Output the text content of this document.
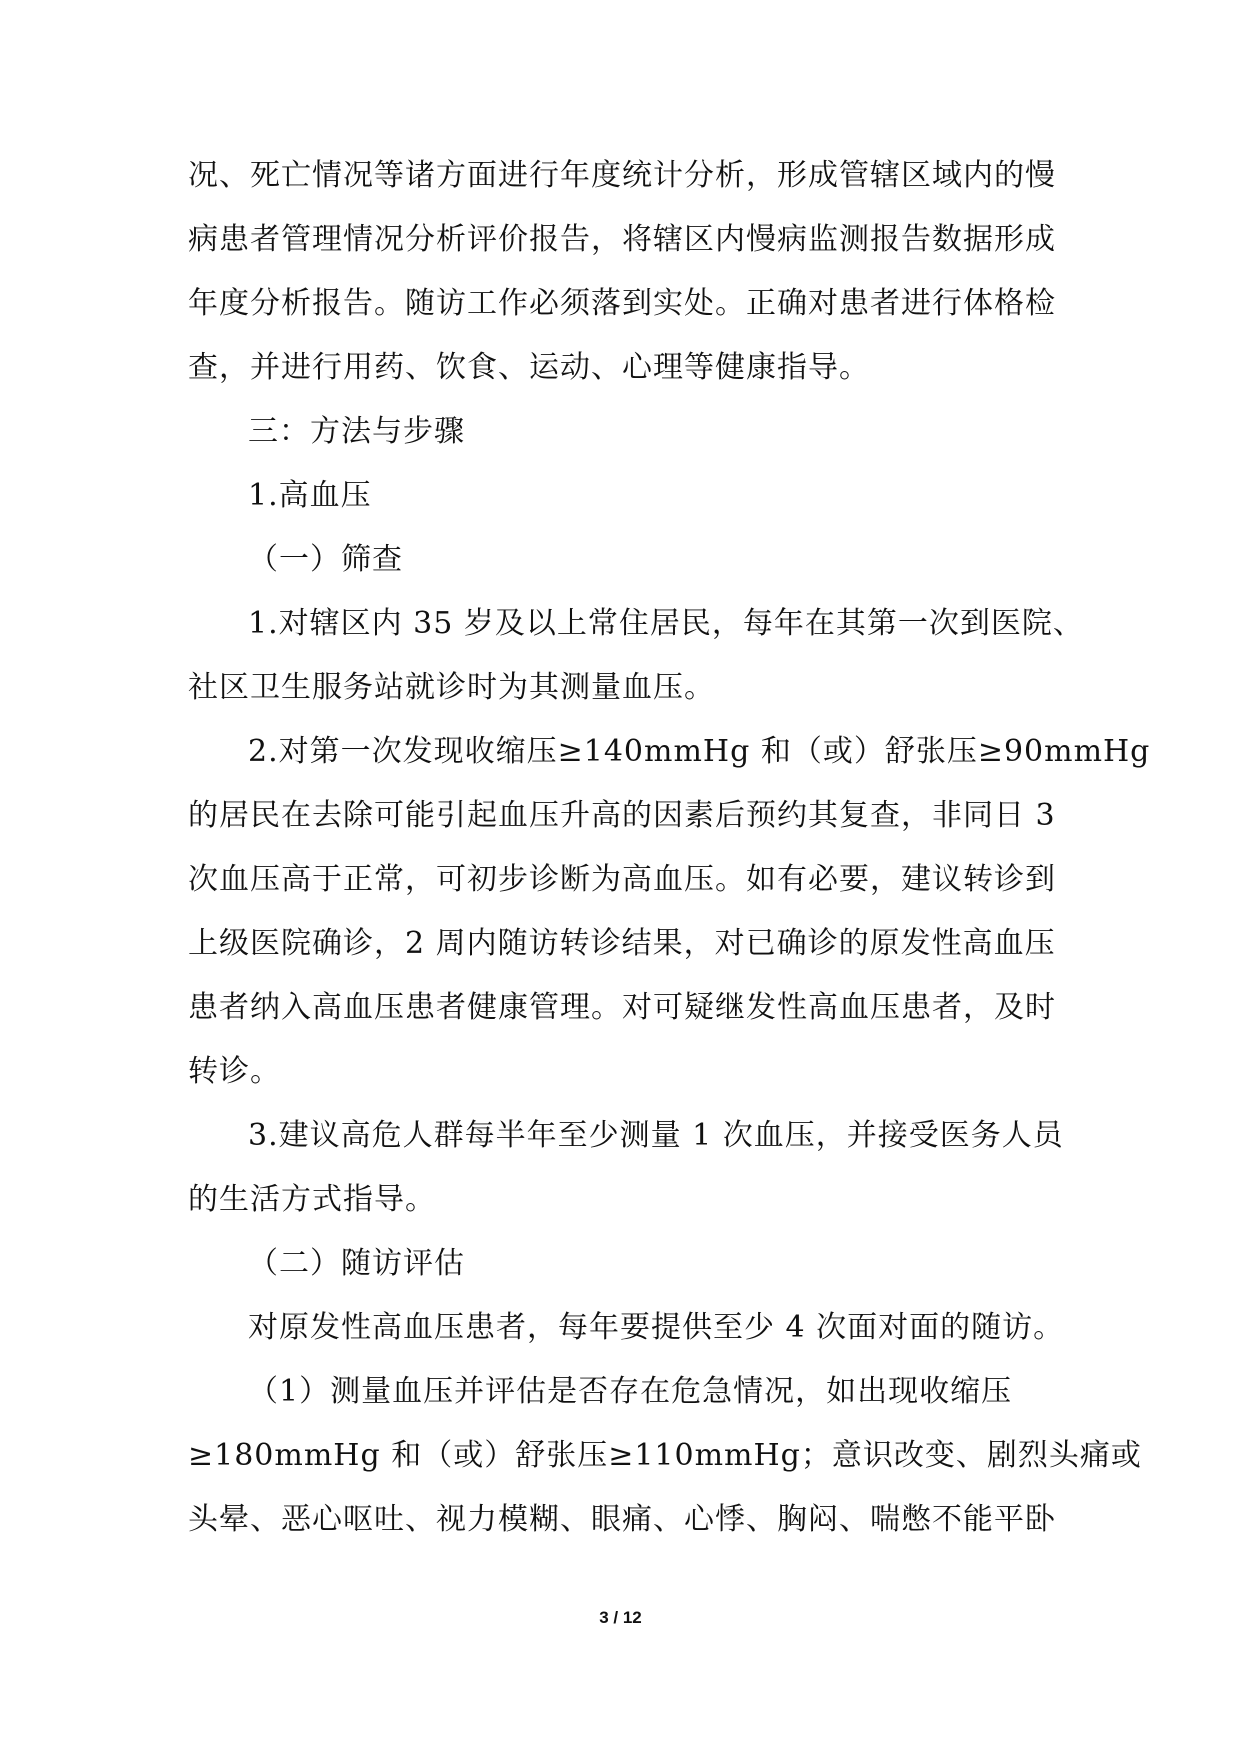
况、死亡情况等诸方面进行年度统计分析，形成管辖区域内的慢
病患者管理情况分析评价报告，将辖区内慢病监测报告数据形成
年度分析报告。随访工作必须落到实处。正确对患者进行体格检
查，并进行用药、饮食、运动、心理等健康指导。
三：方法与步骤
1.高血压
（一）筛查
1.对辖区内 35 岁及以上常住居民，每年在其第一次到医院、
社区卫生服务站就诊时为其测量血压。
2.对第一次发现收缩压≥140mmHg 和（或）舒张压≥90mmHg
的居民在去除可能引起血压升高的因素后预约其复查，非同日 3
次血压高于正常，可初步诊断为高血压。如有必要，建议转诊到
上级医院确诊，2 周内随访转诊结果，对已确诊的原发性高血压
患者纳入高血压患者健康管理。对可疑继发性高血压患者，及时
转诊。
3.建议高危人群每半年至少测量 1 次血压，并接受医务人员
的生活方式指导。
（二）随访评估
对原发性高血压患者，每年要提供至少 4 次面对面的随访。
（1）测量血压并评估是否存在危急情况，如出现收缩压
≥180mmHg 和（或）舒张压≥110mmHg；意识改变、剧烈头痛或
头晕、恶心呕吐、视力模糊、眼痛、心悸、胸闷、喘憋不能平卧
3 / 12
